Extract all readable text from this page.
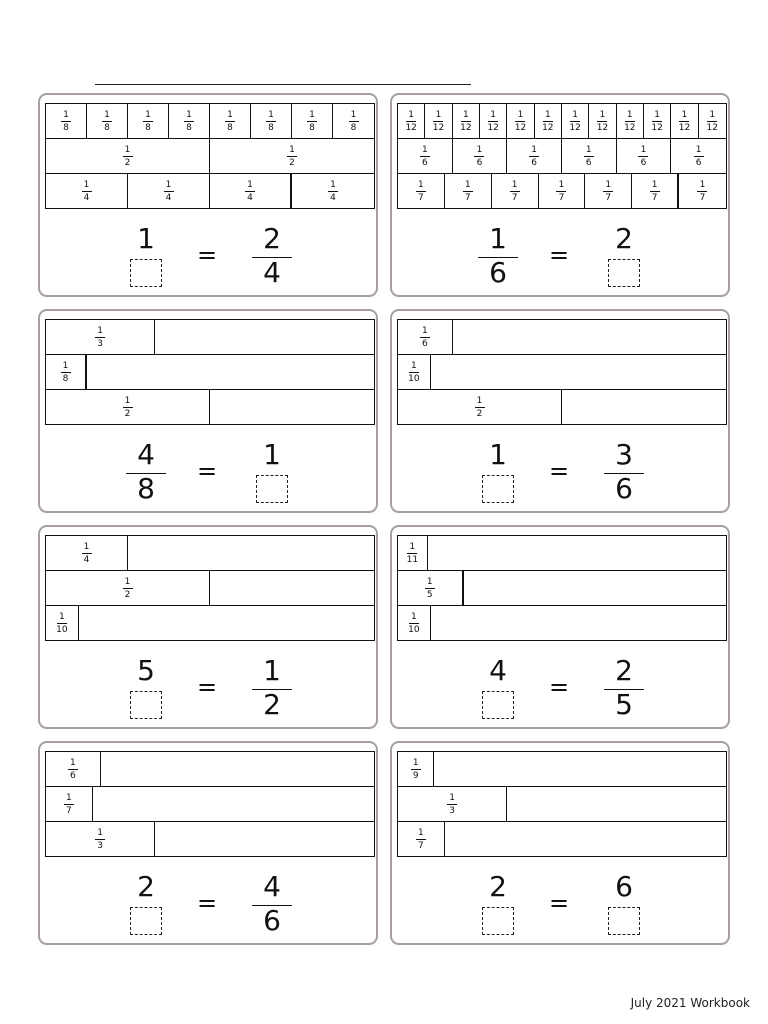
1
8
1
8
1
8
1
8
1
8
1
8
1
8
1
8
1
2
1
2
1
4
1
4
1
4
1
4
1	=	2
4
1
12
1
12
1
12
1
12
1
12
1
12
1
12
1
12
1
12
1
12
1
12
1
12
1
6
1
6
1
6
1
6
1
6
1
6
1
7
1
7
1
7
1
7
1
7
1
7
1
7
1
6
=	2
1
3
1
8
1
2
4
8
=	1
1
6
1
10
1
2
1	=	3
6
1
4
1
2
1
10
5	=	1
2
1
11
1
5
1
10
4	=	2
5
1
6
1
7
1
3
2	=	4
6
1
9
1
3
1
7
2	=	6
July 2021 Workbook
